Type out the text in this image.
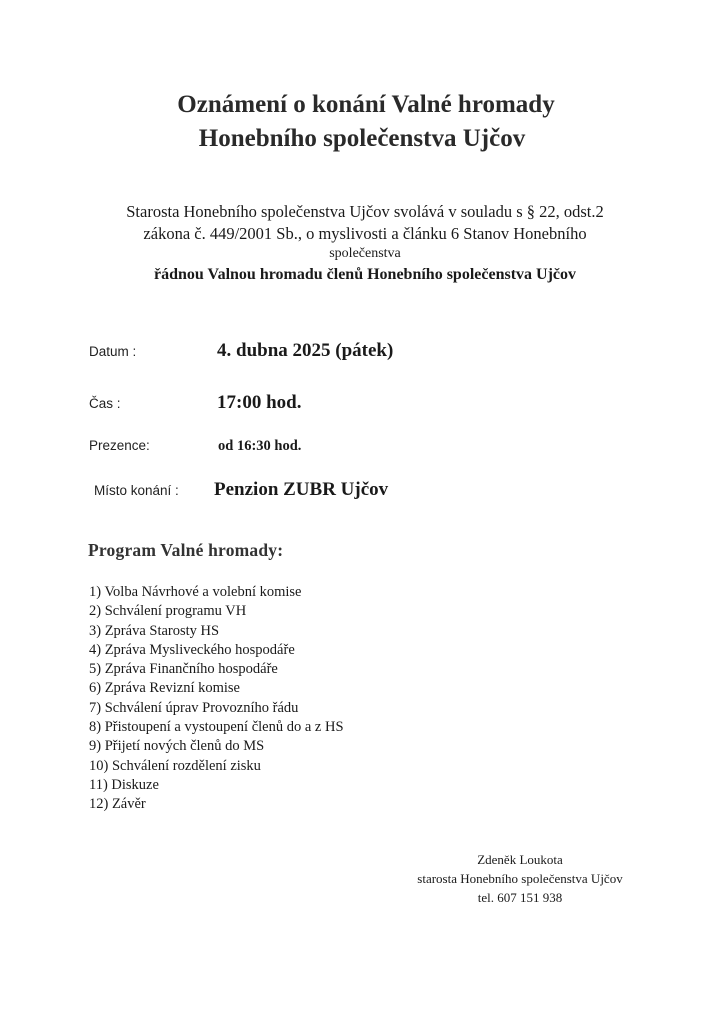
Oznámení o konání Valné hromady
Honebního společenstva Ujčov
Starosta Honebního společenstva Ujčov svolává v souladu s § 22, odst.2
zákona č. 449/2001 Sb., o myslivosti a článku 6 Stanov Honebního
společenstva
řádnou Valnou hromadu členů Honebního společenstva Ujčov
Datum :	4. dubna 2025 (pátek)
Čas :	17:00 hod.
Prezence:	od 16:30 hod.
Místo konání :	Penzion ZUBR Ujčov
Program Valné hromady:
1) Volba Návrhové a volební komise
2) Schválení programu VH
3) Zpráva Starosty HS
4) Zpráva Mysliveckého hospodáře
5) Zpráva Finančního hospodáře
6) Zpráva Revizní komise
7) Schválení úprav Provozního řádu
8) Přistoupení a vystoupení členů do a z HS
9) Přijetí nových členů do MS
10) Schválení rozdělení zisku
11) Diskuze
12) Závěr
Zdeněk Loukota
starosta Honebního společenstva Ujčov
tel. 607 151 938
